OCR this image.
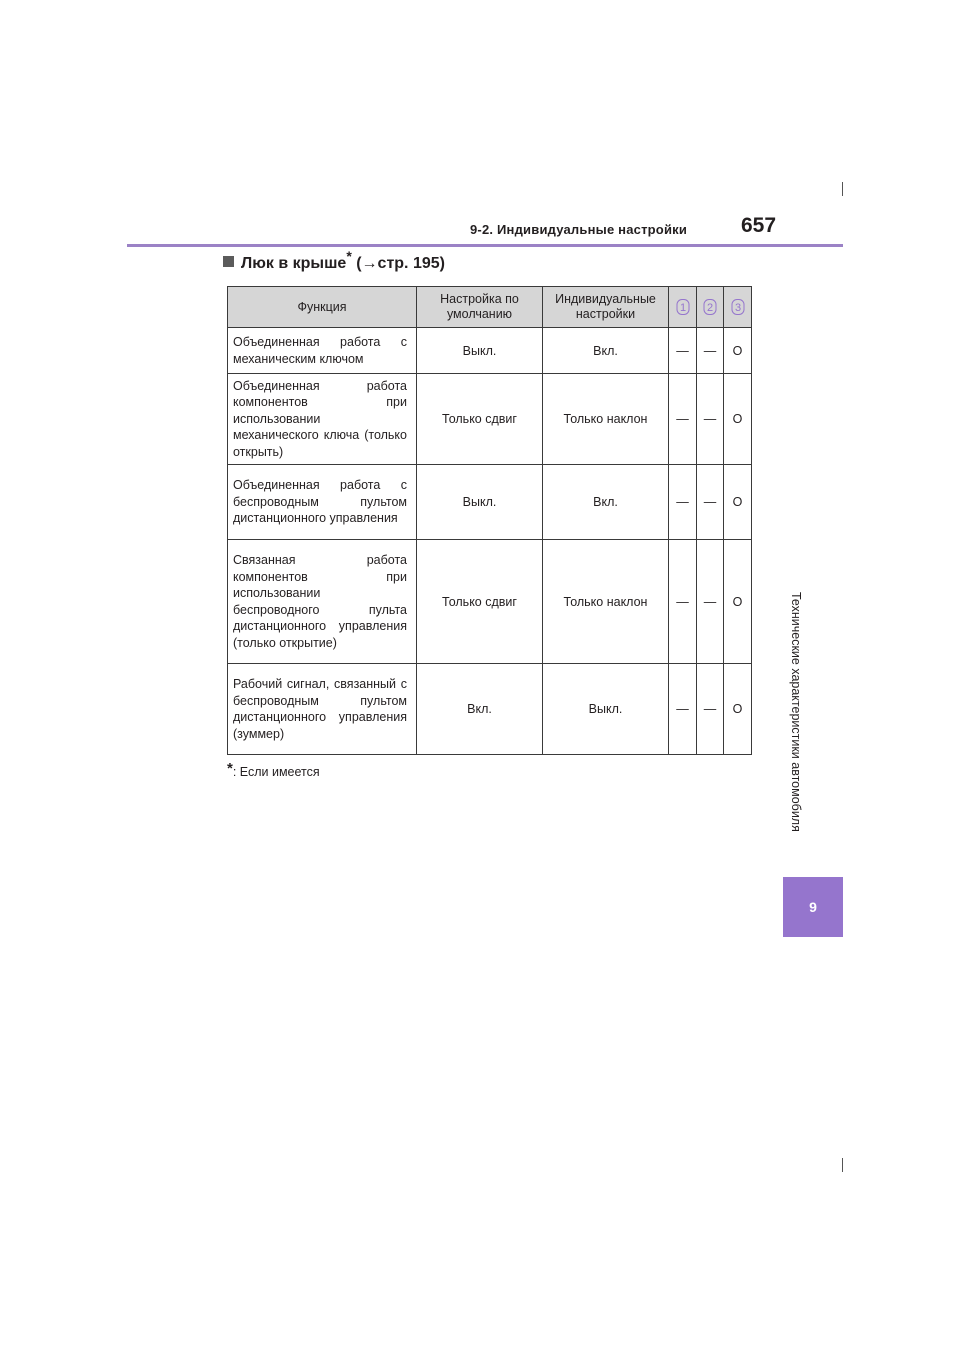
9-2. Индивидуальные настройки	657
Технические характеристики автомобиля
9
Люк в крыше* (→стр. 195)
Функция	Настройка по умолчанию	Индивидуальные настройки	1	2	3

Объединенная работа с механическим ключом	Выкл.	Вкл.	—	—	O
Объединенная работа компонентов при использовании механического ключа (только открыть)	Только сдвиг	Только наклон	—	—	O
Объединенная работа с беспроводным пультом дистанционного управления	Выкл.	Вкл.	—	—	O
Связанная работа компонентов при использовании беспроводного пульта дистанционного управления (только открытие)	Только сдвиг	Только наклон	—	—	O
Рабочий сигнал, связанный с беспроводным пультом дистанционного управления (зуммер)	Вкл.	Выкл.	—	—	O
*: Если имеется
